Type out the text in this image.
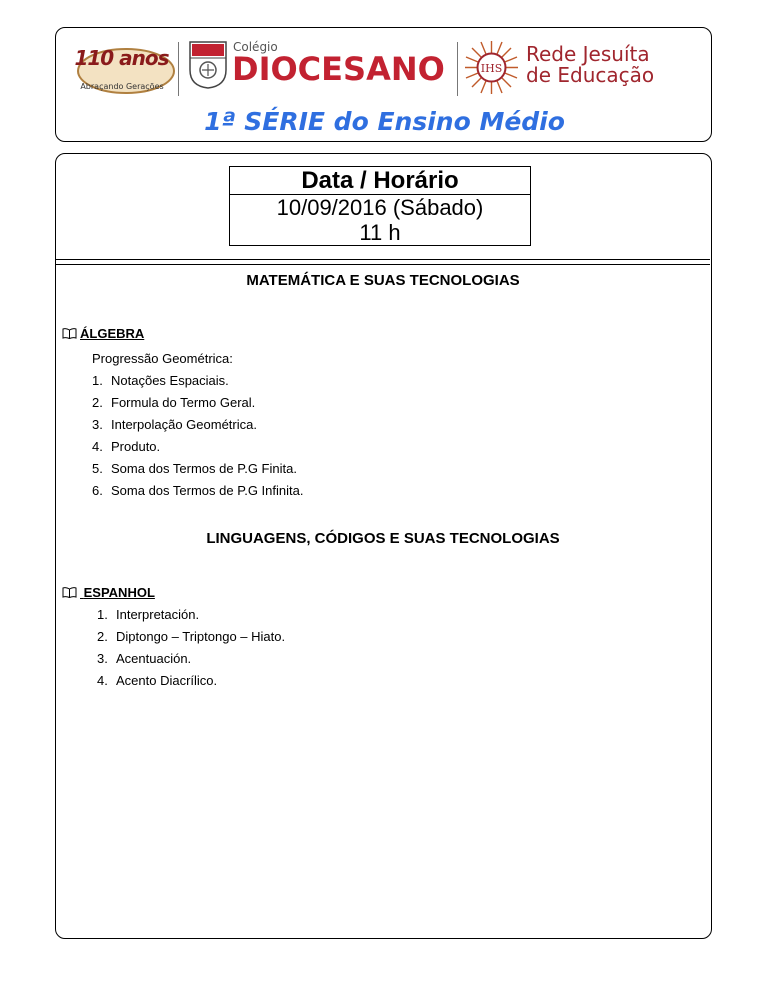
110 anos
Abraçando Gerações
Colégio
DIOCESANO	IHS
Rede Jesuíta
de Educação
1ª SÉRIE do Ensino Médio
Data / Horário
10/09/2016 (Sábado)
11 h
MATEMÁTICA E SUAS TECNOLOGIAS
ÁLGEBRA
Progressão Geométrica:
1. Notações Espaciais.
2. Formula do Termo Geral.
3. Interpolação Geométrica.
4. Produto.
5. Soma dos Termos de P.G Finita.
6. Soma dos Termos de P.G Infinita.
LINGUAGENS, CÓDIGOS E SUAS TECNOLOGIAS
ESPANHOL
1. Interpretación.
2. Diptongo – Triptongo – Hiato.
3. Acentuación.
4. Acento Diacrílico.
